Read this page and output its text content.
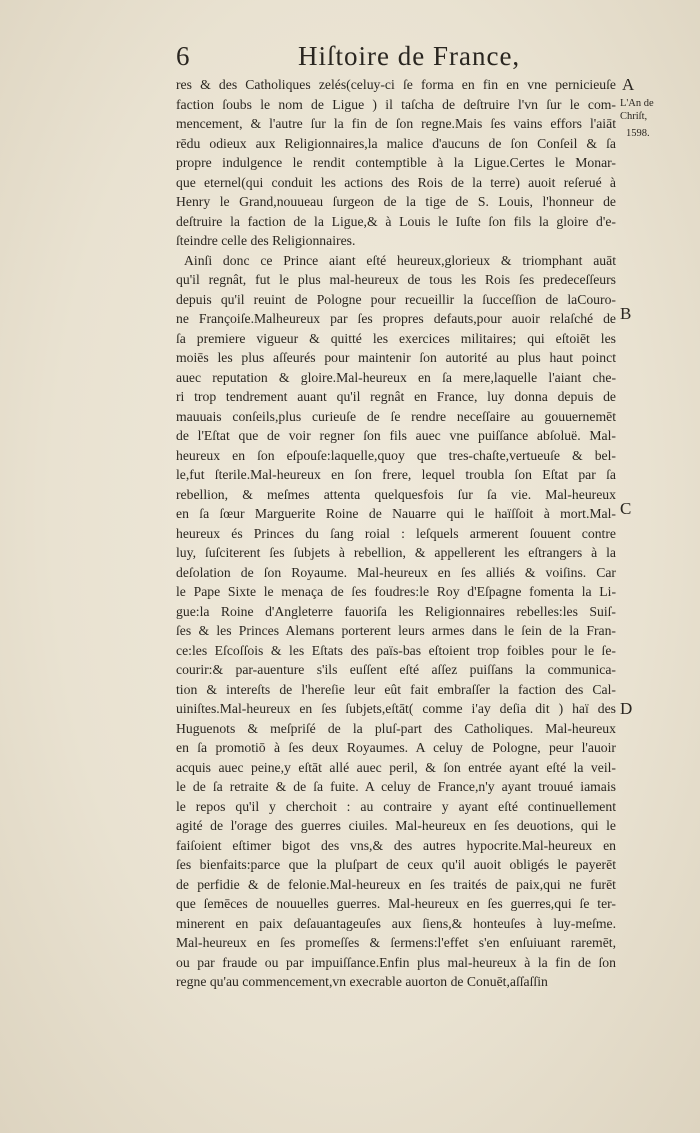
6	Hiſtoire de France,
L'An de
Chriſt,
1598.
A
B
C
D
res & des Catholiques zelés(celuy-ci ſe forma en fin en vne pernicieuſe
faction ſoubs le nom de Ligue ) il taſcha de deſtruire l'vn ſur le com-
mencement, & l'autre ſur la fin de ſon regne.Mais ſes vains effors l'aiāt
rēdu odieux aux Religionnaires,la malice d'aucuns de ſon Conſeil & ſa
propre indulgence le rendit contemptible à la Ligue.Certes le Monar-
que eternel(qui conduit les actions des Rois de la terre) auoit reſerué à
Henry le Grand,nouueau ſurgeon de la tige de S. Louis, l'honneur de
deſtruire la faction de la Ligue,& à Louis le Iuſte ſon fils la gloire d'e-
ſteindre celle des Religionnaires.
Ainſi donc ce Prince aiant eſté heureux,glorieux & triomphant auāt
qu'il regnât, fut le plus mal-heureux de tous les Rois ſes predeceſſeurs
depuis qu'il reuint de Pologne pour recueillir la ſucceſſion de laCouro-
ne Françoiſe.Malheureux par ſes propres defauts,pour auoir relaſché de
ſa premiere vigueur & quitté les exercices militaires; qui eſtoiēt les
moiēs les plus aſſeurés pour maintenir ſon autorité au plus haut poinct
auec reputation & gloire.Mal-heureux en ſa mere,laquelle l'aiant che-
ri trop tendrement auant qu'il regnât en France, luy donna depuis de
mauuais conſeils,plus curieuſe de ſe rendre neceſſaire au gouuernemēt
de l'Eſtat que de voir regner ſon fils auec vne puiſſance abſoluë. Mal-
heureux en ſon eſpouſe:laquelle,quoy que tres-chaſte,vertueuſe & bel-
le,fut ſterile.Mal-heureux en ſon frere, lequel troubla ſon Eſtat par ſa
rebellion, & meſmes attenta quelquesfois ſur ſa vie. Mal-heureux
en ſa ſœur Marguerite Roine de Nauarre qui le haïſſoit à mort.Mal-
heureux és Princes du ſang roial : leſquels armerent ſouuent contre
luy, ſuſciterent ſes ſubjets à rebellion, & appellerent les eſtrangers à la
deſolation de ſon Royaume. Mal-heureux en ſes alliés & voiſins. Car
le Pape Sixte le menaça de ſes foudres:le Roy d'Eſpagne fomenta la Li-
gue:la Roine d'Angleterre fauoriſa les Religionnaires rebelles:les Suiſ-
ſes & les Princes Alemans porterent leurs armes dans le ſein de la Fran-
ce:les Eſcoſſois & les Eſtats des païs-bas eſtoient trop foibles pour le ſe-
courir:& par-auenture s'ils euſſent eſté aſſez puiſſans la communica-
tion & intereſts de l'hereſie leur eût fait embraſſer la faction des Cal-
uiniſtes.Mal-heureux en ſes ſubjets,eſtāt( comme i'ay deſia dit ) haï des
Huguenots & meſpriſé de la pluſ-part des Catholiques. Mal-heureux
en ſa promotiō à ſes deux Royaumes. A celuy de Pologne, peur l'auoir
acquis auec peine,y eſtāt allé auec peril, & ſon entrée ayant eſté la veil-
le de ſa retraite & de ſa fuite. A celuy de France,n'y ayant trouué iamais
le repos qu'il y cherchoit : au contraire y ayant eſté continuellement
agité de l'orage des guerres ciuiles. Mal-heureux en ſes deuotions, qui le
faiſoient eſtimer bigot des vns,& des autres hypocrite.Mal-heureux en
ſes bienfaits:parce que la pluſpart de ceux qu'il auoit obligés le payerēt
de perfidie & de felonie.Mal-heureux en ſes traités de paix,qui ne furēt
que ſemēces de nouuelles guerres. Mal-heureux en ſes guerres,qui ſe ter-
minerent en paix deſauantageuſes aux ſiens,& honteuſes à luy-meſme.
Mal-heureux en ſes promeſſes & ſermens:l'effet s'en enſuiuant raremēt,
ou par fraude ou par impuiſſance.Enfin plus mal-heureux à la fin de ſon
regne qu'au commencement,vn execrable auorton de Conuēt,aſſaſſin
